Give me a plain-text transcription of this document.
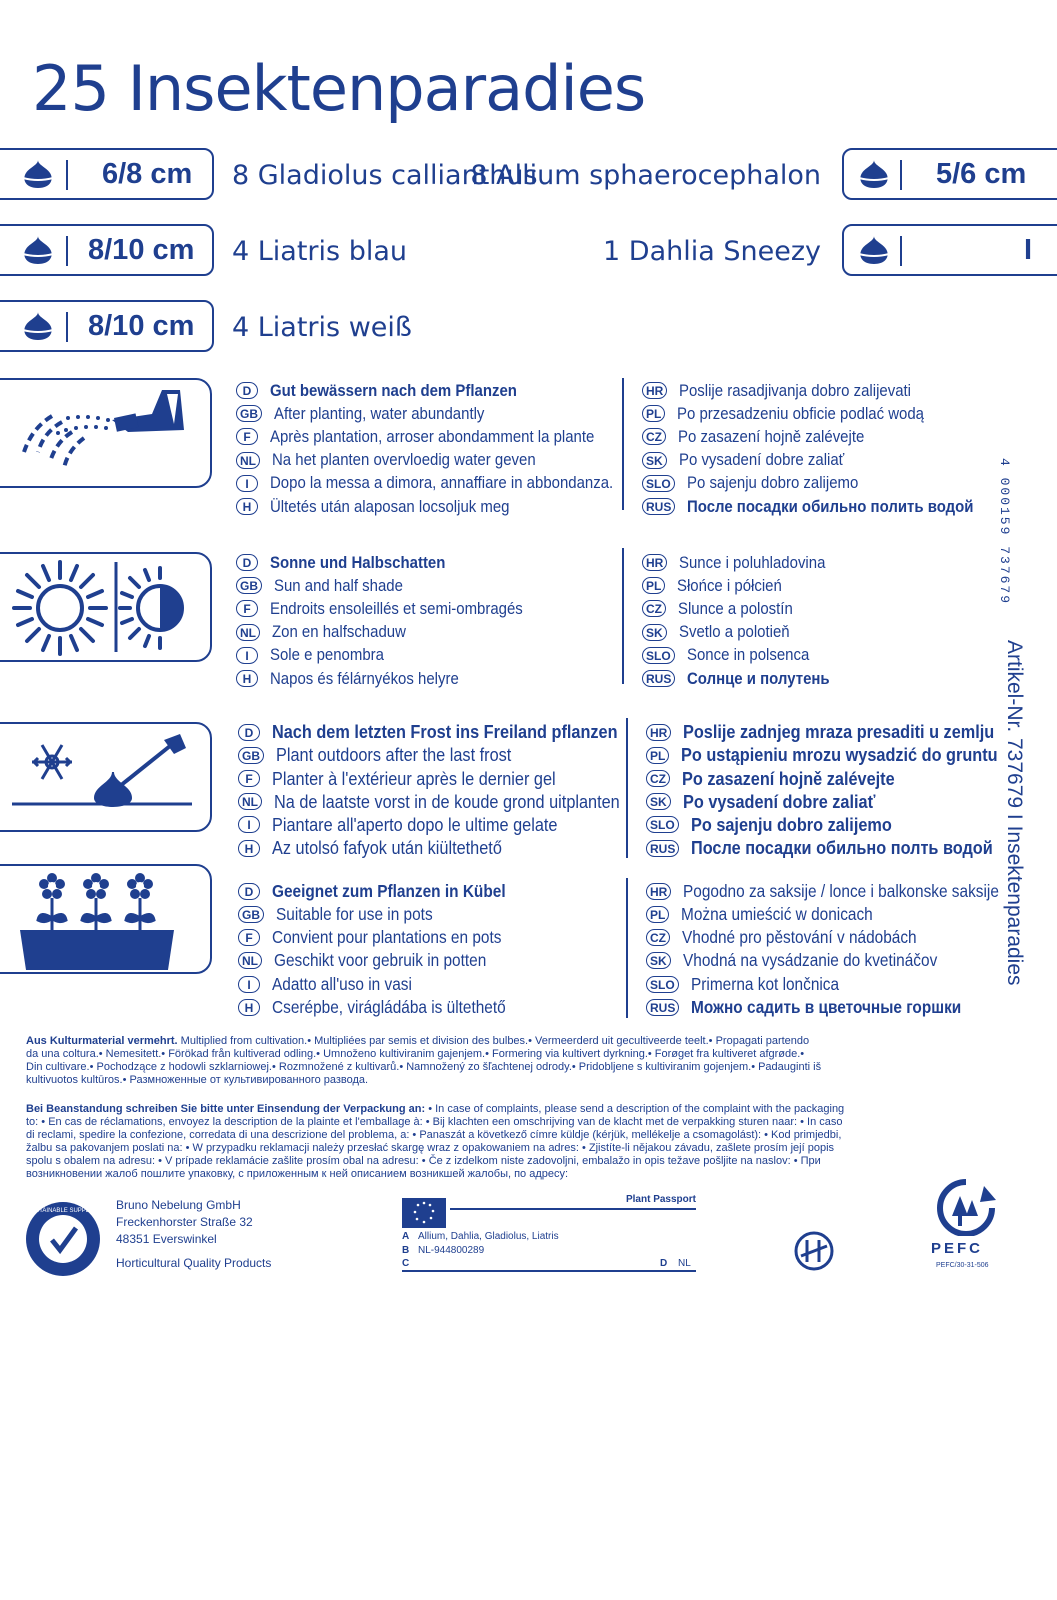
25 Insektenparadies
6/8 cm
8/10 cm
8/10 cm
5/6 cm
I
8 Gladiolus callianthus
4 Liatris blau
4 Liatris weiß
8 Allium sphaerocephalon
1 Dahlia Sneezy
D Gut bewässern nach dem Pflanzen
GB After planting, water abundantly
F Après plantation, arroser abondamment la plante
NL Na het planten overvloedig water geven
I Dopo la messa a dimora, annaffiare in abbondanza.
H Ültetés után alaposan locsoljuk meg
HR Poslije rasadjivanja dobro zalijevati
PL Po przesadzeniu obficie podlać wodą
CZ Po zasazení hojně zalévejte
SK Po vysadení dobre zaliať
SLO Po sajenju dobro zalijemo
RUS После посадки обильно полить водой
D Sonne und Halbschatten
GB Sun and half shade
F Endroits ensoleillés et semi-ombragés
NL Zon en halfschaduw
I Sole e penombra
H Napos és félárnyékos helyre
HR Sunce i poluhladovina
PL Słońce i półcień
CZ Slunce a polostín
SK Svetlo a polotieň
SLO Sonce in polsenca
RUS Солнце и полутень
D Nach dem letzten Frost ins Freiland pflanzen
GB Plant outdoors after the last frost
F Planter à l'extérieur après le dernier gel
NL Na de laatste vorst in de koude grond uitplanten
I Piantare all'aperto dopo le ultime gelate
H Az utolsó fafyok után kiültethető
HR Poslije zadnjeg mraza presaditi u zemlju
PL Po ustąpieniu mrozu wysadzić do gruntu
CZ Po zasazení hojně zalévejte
SK Po vysadení dobre zaliať
SLO Po sajenju dobro zalijemo
RUS После посадки обильно полть водой
D Geeignet zum Pflanzen in Kübel
GB Suitable for use in pots
F Convient pour plantations en pots
NL Geschikt voor gebruik in potten
I Adatto all'uso in vasi
H Cserépbe, virágládába is ültethető
HR Pogodno za saksije / lonce i balkonske saksije
PL Można umieścić w donicach
CZ Vhodné pro pěstování v nádobách
SK Vhodná na vysádzanie do kvetináčov
SLO Primerna kot lončnica
RUS Можно садить в цветочные горшки
Aus Kulturmaterial vermehrt. Multiplied from cultivation.• Multipliées par semis et division des bulbes.• Vermeerderd uit gecultiveerde teelt.• Propagati partendo
da una coltura.• Nemesitett.• Förökad från kultiverad odling.• Umnoženo kultiviranim gajenjem.• Formering via kultivert dyrkning.• Forøget fra kultiveret afgrøde.•
Din cultivare.• Pochodzące z hodowli szklarniowej.• Rozmnožené z kultivarů.• Namnožený zo šľachtenej odrody.• Pridobljene s kultiviranim gojenjem.• Padauginti iš
kultivuotos kultūros.• Размноженные от культивированного развода.
Bei Beanstandung schreiben Sie bitte unter Einsendung der Verpackung an: • In case of complaints, please send a description of the complaint with the packaging
to: • En cas de réclamations, envoyez la description de la plainte et l'emballage à: • Bij klachten een omschrijving van de klacht met de verpakking sturen naar: • In caso
di reclami, spedire la confezione, corredata di una descrizione del problema, a: • Panaszát a következő címre küldje (kérjük, mellékelje a csomagolást): • Kod primjedbi,
žalbu sa pakovanjem poslati na: • W przypadku reklamacji należy przesłać skargę wraz z opakowaniem na adres: • Zjistíte-li nějakou závadu, zašlete prosím její popis
spolu s obalem na adresu: • V prípade reklamácie zašlite prosím obal na adresu: • Če z izdelkom niste zadovoljni, embalažo in opis težave pošljite na naslov: • При
возникновении жалоб пошлите упаковку, с приложенным к ней описанием возникшей жалобы, по адресу:
SUSTAINABLE SUPPLIER Bruno Nebelung GmbH
Freckenhorster Straße 32
48351 Everswinkel
Horticultural Quality Products
Plant Passport
A Allium, Dahlia, Gladiolus, Liatris
B NL-944800289
C	D NL
PEFC
PEFC/30-31-506
4 000159 737679
Artikel-Nr. 737679 I Insektenparadies
